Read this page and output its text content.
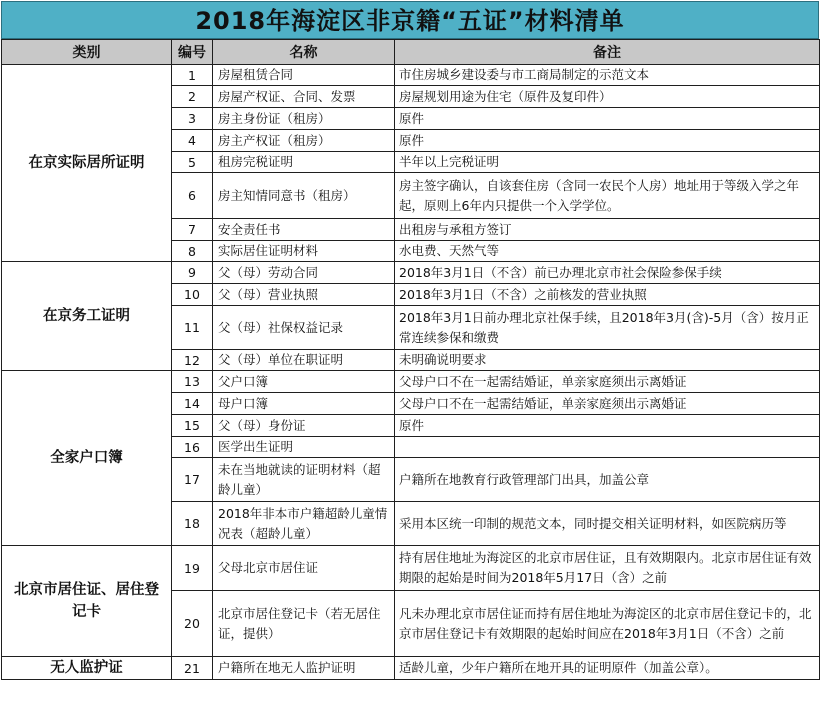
2018年海淀区非京籍“五证”材料清单
类别	编号	名称	备注
在京实际居所证明	1	房屋租赁合同	市住房城乡建设委与市工商局制定的示范文本
	2	房屋产权证、合同、发票	房屋规划用途为住宅（原件及复印件）
	3	房主身份证（租房）	原件
	4	房主产权证（租房）	原件
	5	租房完税证明	半年以上完税证明
	6	房主知情同意书（租房）	房主签字确认，自该套住房（含同一农民个人房）地址用于等级入学之年起，原则上6年内只提供一个入学学位。
	7	安全责任书	出租房与承租方签订
	8	实际居住证明材料	水电费、天然气等
在京务工证明	9	父（母）劳动合同	2018年3月1日（不含）前已办理北京市社会保险参保手续
	10	父（母）营业执照	2018年3月1日（不含）之前核发的营业执照
	11	父（母）社保权益记录	2018年3月1日前办理北京社保手续，且2018年3月(含)-5月（含）按月正常连续参保和缴费
	12	父（母）单位在职证明	未明确说明要求
全家户口簿	13	父户口簿	父母户口不在一起需结婚证，单亲家庭须出示离婚证
	14	母户口簿	父母户口不在一起需结婚证，单亲家庭须出示离婚证
	15	父（母）身份证	原件
	16	医学出生证明	
	17	未在当地就读的证明材料（超龄儿童）	户籍所在地教育行政管理部门出具，加盖公章
	18	2018年非本市户籍超龄儿童情况表（超龄儿童）	采用本区统一印制的规范文本，同时提交相关证明材料，如医院病历等
北京市居住证、居住登记卡	19	父母北京市居住证	持有居住地址为海淀区的北京市居住证，且有效期限内。北京市居住证有效期限的起始是时间为2018年5月17日（含）之前
	20	北京市居住登记卡（若无居住证，提供）	凡未办理北京市居住证而持有居住地址为海淀区的北京市居住登记卡的，北京市居住登记卡有效期限的起始时间应在2018年3月1日（不含）之前
无人监护证	21	户籍所在地无人监护证明	适龄儿童，少年户籍所在地开具的证明原件（加盖公章）。
